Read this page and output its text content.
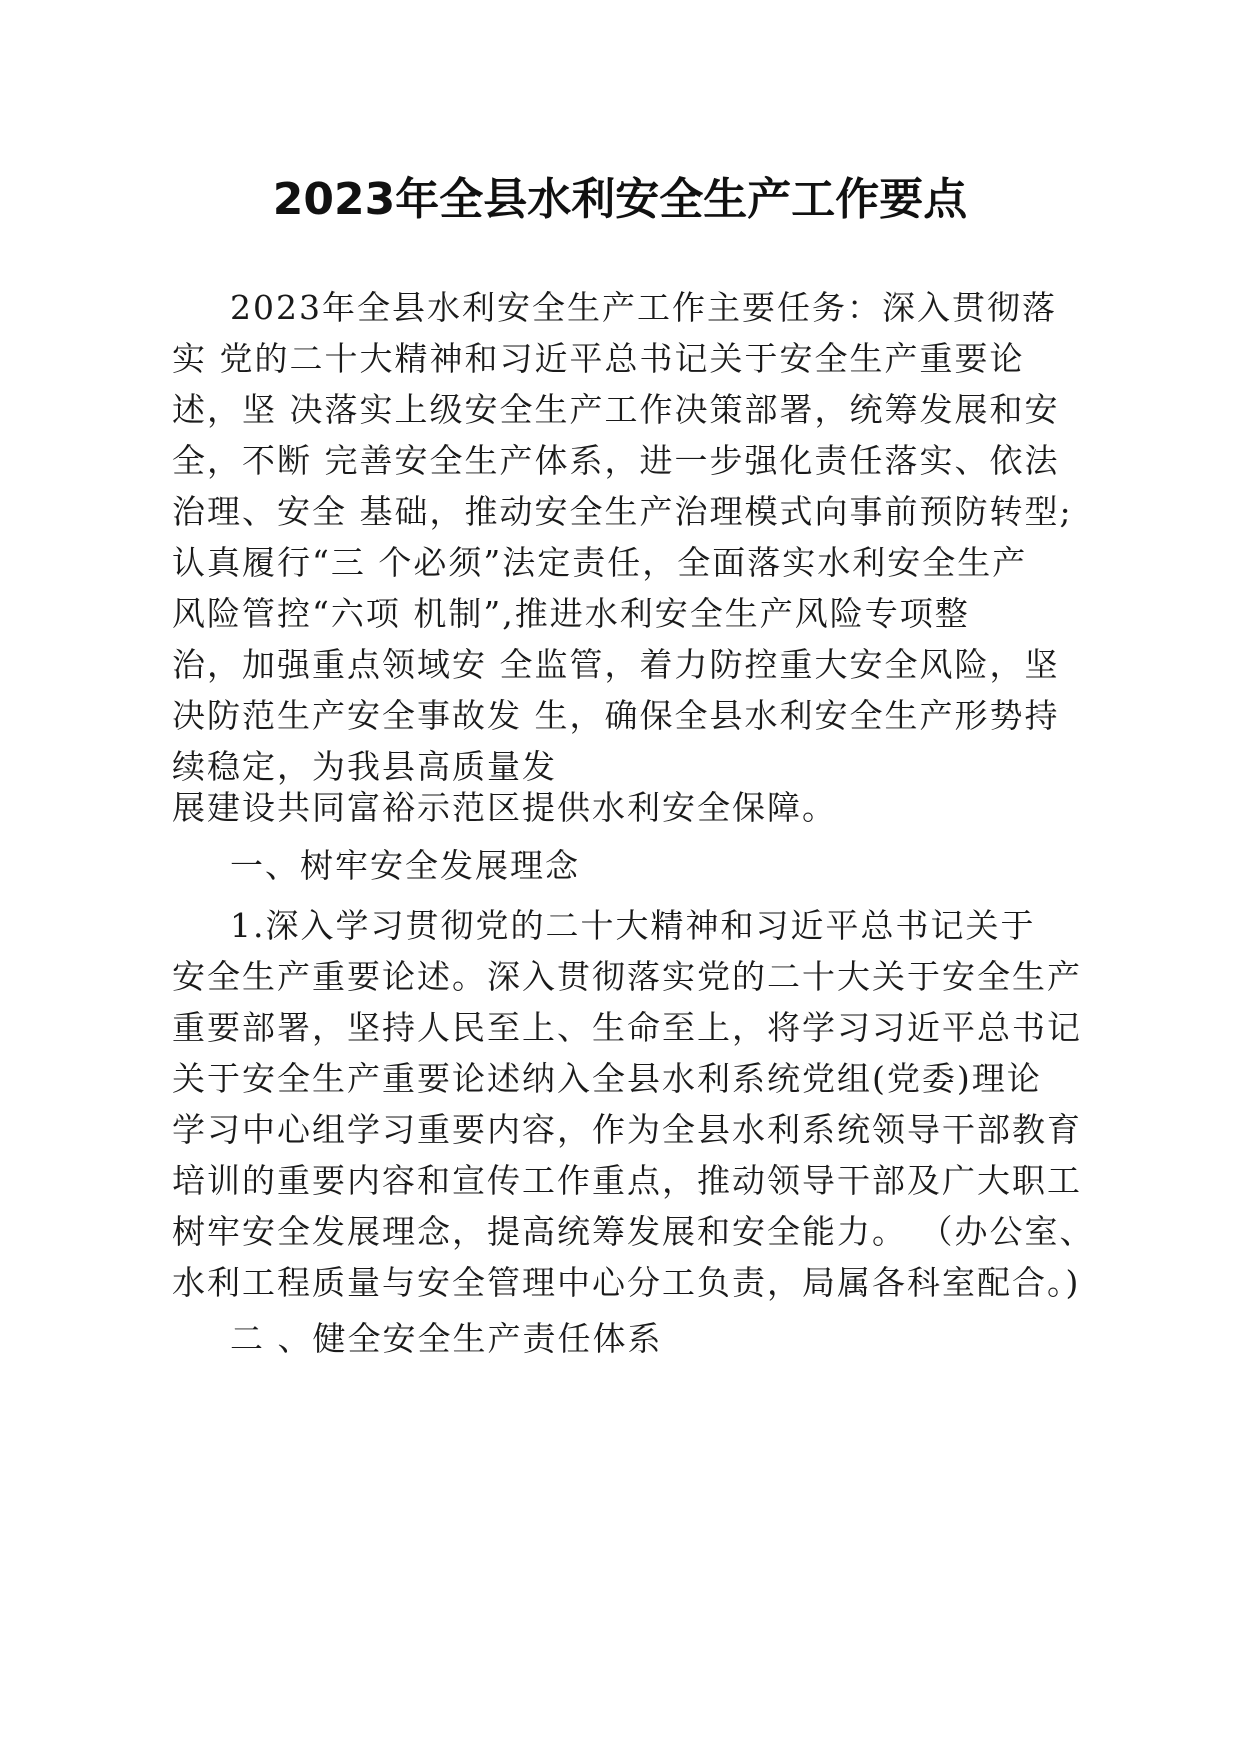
2023年全县水利安全生产工作要点
2023年全县水利安全生产工作主要任务：深入贯彻落
实 党的二十大精神和习近平总书记关于安全生产重要论
述，坚 决落实上级安全生产工作决策部署，统筹发展和安
全，不断 完善安全生产体系，进一步强化责任落实、依法
治理、安全 基础，推动安全生产治理模式向事前预防转型;
认真履行“三 个必须”法定责任，全面落实水利安全生产
风险管控“六项 机制”,推进水利安全生产风险专项整
治，加强重点领域安 全监管，着力防控重大安全风险，坚
决防范生产安全事故发 生，确保全县水利安全生产形势持
续稳定，为我县高质量发
展建设共同富裕示范区提供水利安全保障。
一、树牢安全发展理念
1.深入学习贯彻党的二十大精神和习近平总书记关于
安全生产重要论述。深入贯彻落实党的二十大关于安全生产
重要部署，坚持人民至上、生命至上，将学习习近平总书记
关于安全生产重要论述纳入全县水利系统党组(党委)理论
学习中心组学习重要内容，作为全县水利系统领导干部教育
培训的重要内容和宣传工作重点，推动领导干部及广大职工
树牢安全发展理念，提高统筹发展和安全能力。 （办公室、
水利工程质量与安全管理中心分工负责，局属各科室配合。)
二 、健全安全生产责任体系
